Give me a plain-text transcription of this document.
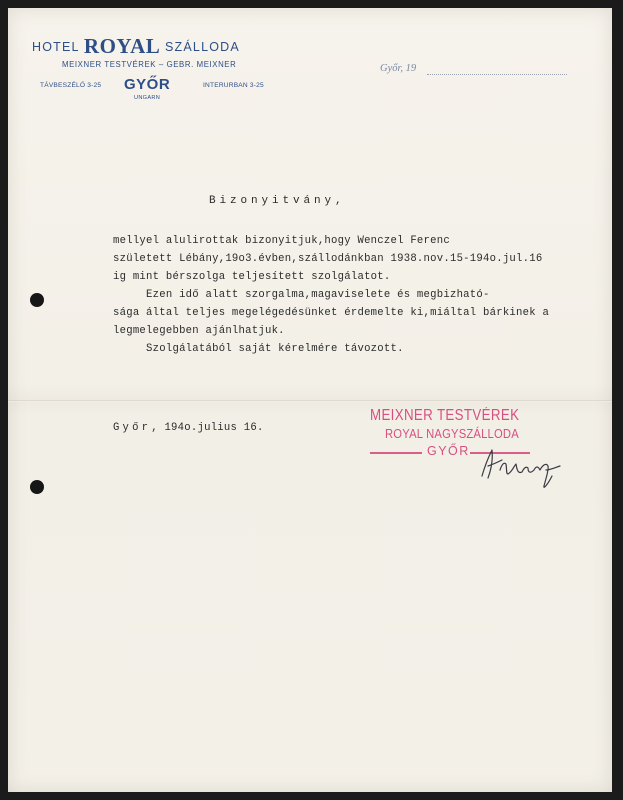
HOTEL ROYAL SZÁLLODA
MEIXNER TESTVÉREK – GEBR. MEIXNER
TÁVBESZÉLŐ 3-25 GYŐR	INTERURBAN 3-25
UNGARN
Győr, 19
Bizonyitvány,
mellyel alulirottak bizonyitjuk,hogy Wenczel Ferenc
született Lébány,19o3.évben,szállodánkban 1938.nov.15-194o.jul.16
ig mint bérszolga teljesített szolgálatot.
Ezen idő alatt szorgalma,magaviselete és megbizható-
sága által teljes megelégedésünket érdemelte ki,miáltal bárkinek a
legmelegebben ajánlhatjuk.
Szolgálatából saját kérelmére távozott.
Győr, 194o.julius 16.
MEIXNER TESTVÉREK
ROYAL NAGYSZÁLLODA
GYŐR
